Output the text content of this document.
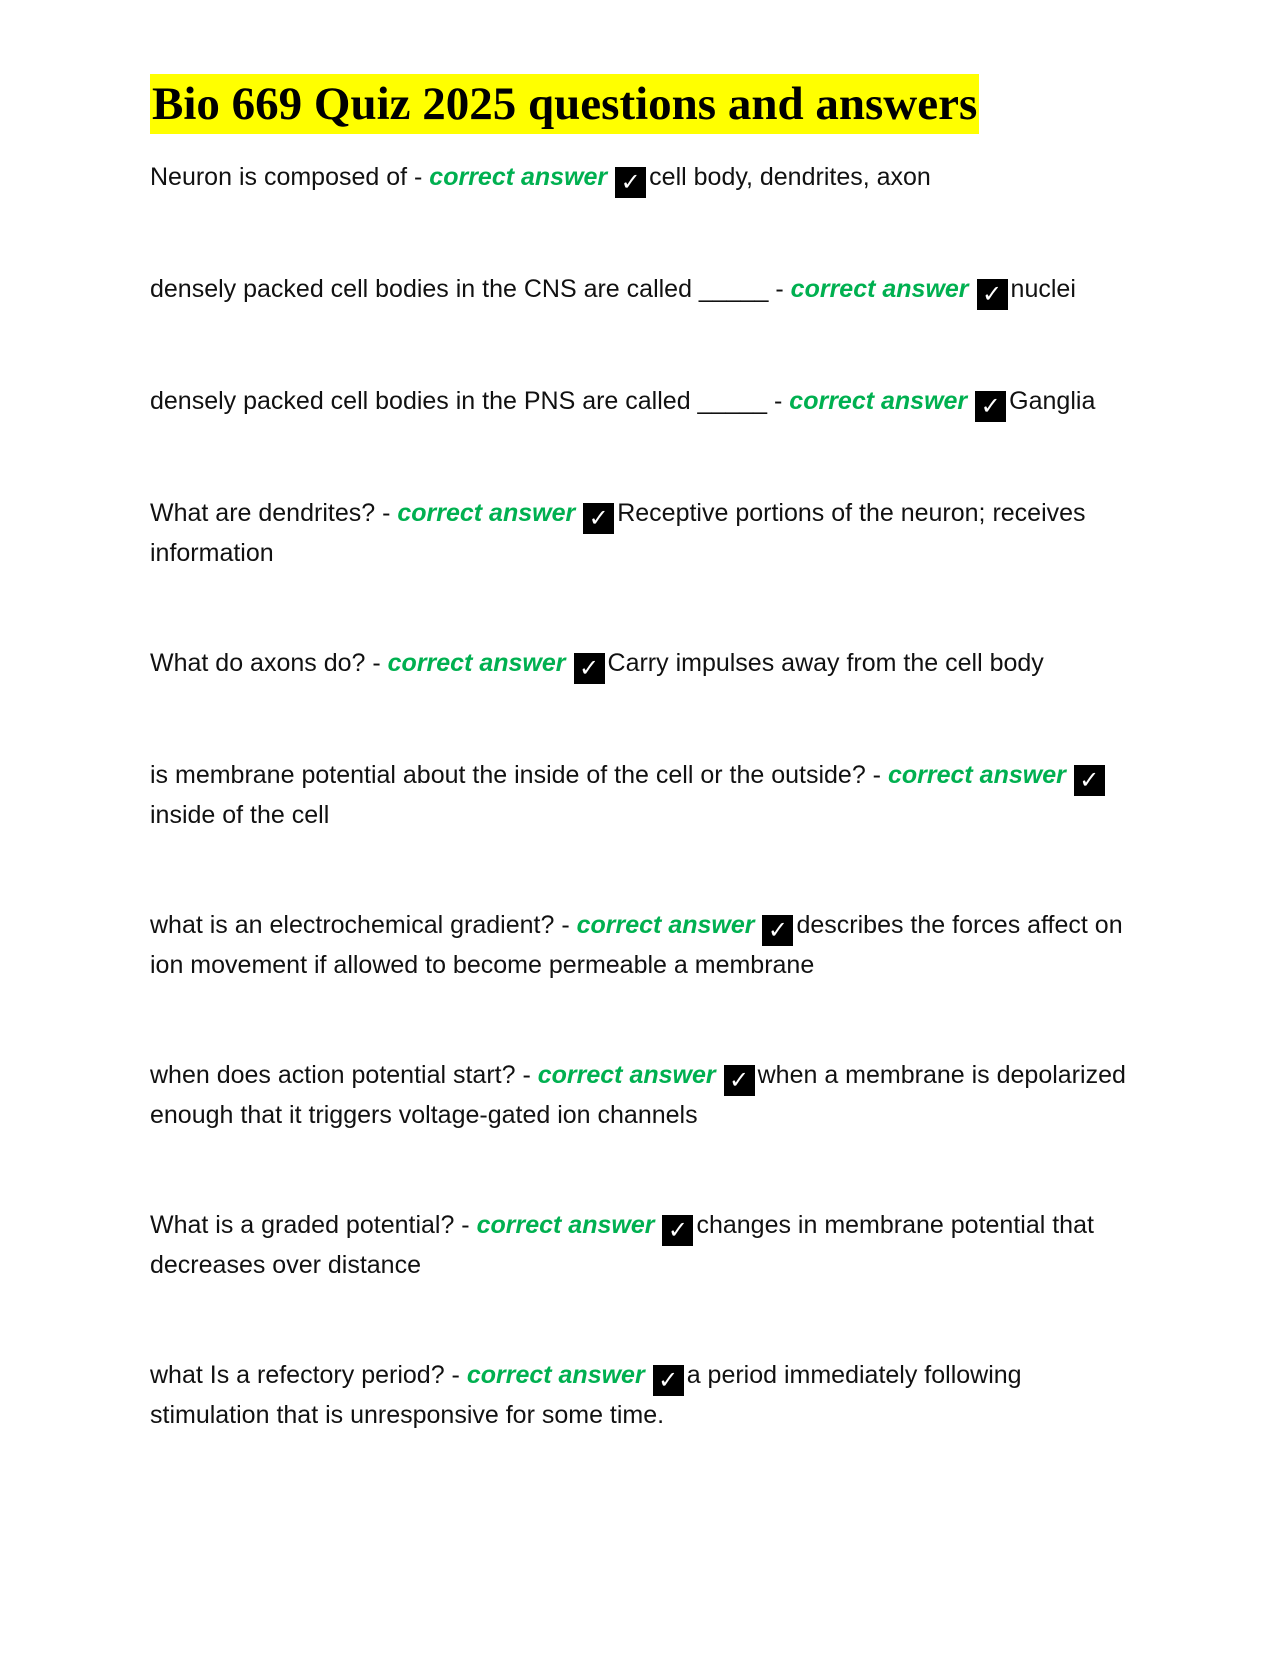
Bio 669 Quiz 2025 questions and answers

Neuron is composed of - correct answer ✓ cell body, dendrites, axon

densely packed cell bodies in the CNS are called _____ - correct answer ✓ nuclei

densely packed cell bodies in the PNS are called _____ - correct answer ✓ Ganglia

What are dendrites? - correct answer ✓ Receptive portions of the neuron; receives information

What do axons do? - correct answer ✓ Carry impulses away from the cell body

is membrane potential about the inside of the cell or the outside? - correct answer ✓inside of the cell

what is an electrochemical gradient? - correct answer ✓ describes the forces affect on ion movement if allowed to become permeable a membrane

when does action potential start? - correct answer ✓ when a membrane is depolarized enough that it triggers voltage-gated ion channels

What is a graded potential? - correct answer ✓ changes in membrane potential that decreases over distance

what Is a refectory period? - correct answer ✓ a period immediately following stimulation that is unresponsive for some time.
